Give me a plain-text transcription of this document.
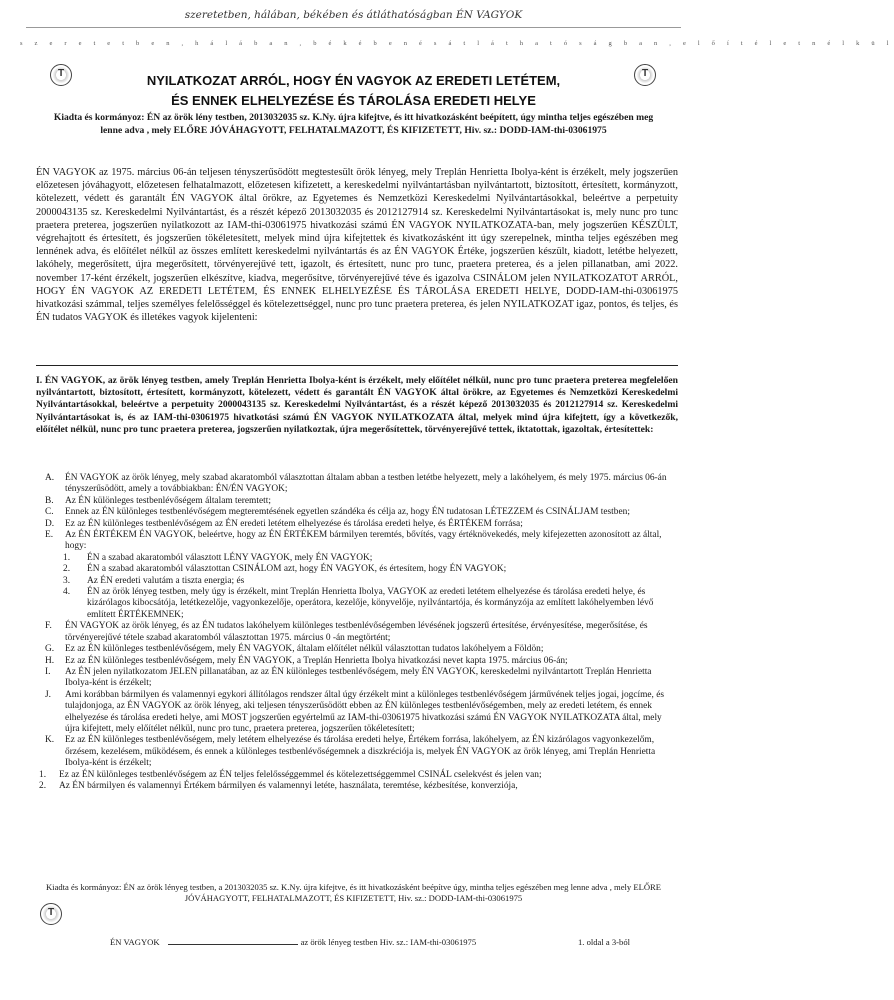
szeretetben, hálában, békében és átláthatóságban ÉN VAGYOK
s z e r e t e t b e n , h á l á b a n , b é k é b e n é s á t l á t h a t ó s á g b a n , e l ő í t é l e t n é l k ü l
T
T
NYILATKOZAT ARRÓL, HOGY ÉN VAGYOK AZ EREDETI LETÉTEM,
ÉS ENNEK ELHELYEZÉSE ÉS TÁROLÁSA EREDETI HELYE
Kiadta és kormányoz: ÉN az örök lény testben, 2013032035 sz. K.Ny. újra kifejtve, és itt hivatkozásként beépített, úgy mintha teljes egészében meg lenne adva , mely ELŐRE JÓVÁHAGYOTT, FELHATALMAZOTT, ÉS KIFIZETETT, Hiv. sz.: DODD-IAM-thi-03061975
ÉN VAGYOK az 1975. március 06-án teljesen tényszerűsödött megtestesült örök lényeg, mely Treplán Henrietta Ibolya-ként is érzékelt, mely jogszerűen előzetesen jóváhagyott, előzetesen felhatalmazott, előzetesen kifizetett, a kereskedelmi nyilvántartásban nyilvántartott, biztosított, értesített, kormányzott, kötelezett, védett és garantált ÉN VAGYOK által örökre, az Egyetemes és Nemzetközi Kereskedelmi Nyilvántartásokkal, beleértve a perpetuity 2000043135 sz. Kereskedelmi Nyilvántartást, és a részét képező 2013032035 és 2012127914 sz. Kereskedelmi Nyilvántartásokat is, mely nunc pro tunc praetera preterea, jogszerűen nyilatkozott az IAM-thi-03061975 hivatkozási számú ÉN VAGYOK NYILATKOZATA-ban, mely jogszerűen KÉSZÜLT, végrehajtott és értesített, és jogszerűen tökéletesített, melyek mind újra kifejtettek és kivatkozásként itt úgy szerepelnek, mintha teljes egészében meg lennének adva, és előítélet nélkül az összes említett kereskedelmi nyilvántartás és az ÉN VAGYOK Értéke, jogszerűen készült, kiadott, letétbe helyezett, lakóhely, megerősített, újra megerősített, törvényerejűvé tett, igazolt, és értesített, nunc pro tunc, praetera preterea, és a jelen pillanatban, ami 2022. november 17-ként érzékelt, jogszerűen elkészítve, kiadva, megerősítve, törvényerejűvé téve és igazolva CSINÁLOM jelen NYILATKOZATOT ARRÓL, HOGY ÉN VAGYOK AZ EREDETI LETÉTEM, ÉS ENNEK ELHELYEZÉSE ÉS TÁROLÁSA EREDETI HELYE, DODD-IAM-thi-03061975 hivatkozási számmal, teljes személyes felelősséggel és kötelezettséggel, nunc pro tunc praetera preterea, és jelen NYILATKOZAT igaz, pontos, és teljes, és ÉN tudatos VAGYOK és illetékes vagyok kijelenteni:
I. ÉN VAGYOK, az örök lényeg testben, amely Treplán Henrietta Ibolya-ként is érzékelt, mely előítélet nélkül, nunc pro tunc praetera preterea megfelelően nyilvántartott, biztosított, értesített, kormányzott, kötelezett, védett és garantált ÉN VAGYOK által örökre, az Egyetemes és Nemzetközi Kereskedelmi Nyilvántartásokkal, beleértve a perpetuity 2000043135 sz. Kereskedelmi Nyilvántartást, és a részét képező 2013032035 és 2012127914 sz. Kereskedelmi Nyilvántartásokat is, és az IAM-thi-03061975 hivatkotási számú ÉN VAGYOK NYILATKOZATA által, melyek mind újra kifejtett, így a következők, előítélet nélkül, nunc pro tunc praetera preterea, jogszerűen nyilatkoztak, újra megerősítettek, törvényerejűvé tettek, iktatottak, igazoltak, értesítettek:
A.	ÉN VAGYOK az örök lényeg, mely szabad akaratomból választottan általam abban a testben letétbe helyezett, mely a lakóhelyem, és mely 1975. március 06-án tényszerűsödött, amely a továbbiakban: ÉN/ÉN VAGYOK;
B.	Az ÉN különleges testbenlévőségem általam teremtett;
C.	Ennek az ÉN különleges testbenlévőségem megteremtésének egyetlen szándéka és célja az, hogy ÉN tudatosan LÉTEZZEM és CSINÁLJAM testben;
D.	Ez az ÉN különleges testbenlévőségem az ÉN eredeti letétem elhelyezése és tárolása eredeti helye, és ÉRTÉKEM forrása;
E.	Az ÉN ÉRTÉKEM ÉN VAGYOK, beleértve, hogy az ÉN ÉRTÉKEM bármilyen teremtés, bővítés, vagy értéknövekedés, mely kifejezetten azonosított az által, hogy:
1.	ÉN a szabad akaratomból választott LÉNY VAGYOK, mely ÉN VAGYOK;
2.	ÉN a szabad akaratomból választottan CSINÁLOM azt, hogy ÉN VAGYOK, és értesítem, hogy ÉN VAGYOK;
3.	Az ÉN eredeti valutám a tiszta energia; és
4.	ÉN az örök lényeg testben, mely úgy is érzékelt, mint Treplán Henrietta Ibolya, VAGYOK az eredeti letétem elhelyezése és tárolása eredeti helye, és kizárólagos kibocsátója, letétkezelője, vagyonkezelője, operátora, kezelője, könyvelője, nyilvántartója, és kormányzója az említett lakóhelyemben lévő említett ÉRTÉKEMNEK;
F.	ÉN VAGYOK az örök lényeg, és az ÉN tudatos lakóhelyem különleges testbenlévőségemben lévésének jogszerű értesítése, érvényesítése, megerősítése, és törvényerejűvé tétele szabad akaratomból választottan 1975. március 0 -án megtörtént;
G.	Ez az ÉN különleges testbenlévőségem, mely ÉN VAGYOK, általam előítélet nélkül választottan tudatos lakóhelyem a Földön;
H.	Ez az ÉN különleges testbenlévőségem, mely ÉN VAGYOK, a Treplán Henrietta Ibolya hivatkozási nevet kapta 1975. március 06-án;
I.	Az ÉN jelen nyilatkozatom JELEN pillanatában, az az ÉN különleges testbenlévőségem, mely ÉN VAGYOK, kereskedelmi nyilvántartott Treplán Henrietta Ibolya-ként is érzékelt;
J.	Ami korábban bármilyen és valamennyi egykori állítólagos rendszer által úgy érzékelt mint a különleges testbenlévőségem járművének teljes jogai, jogcíme, és tulajdonjoga, az ÉN VAGYOK az örök lényeg, aki teljesen tényszerűsödött ebben az ÉN különleges testbenlévőségemben, mely az eredeti letétem, és ennek elhelyezése és tárolása eredeti helye, ami MOST jogszerűen egyértelmű az IAM-thi-03061975 hivatkozási számú ÉN VAGYOK NYILATKOZATA által, mely újra kifejtett, mely előítélet nélkül, nunc pro tunc, praetera preterea, jogszerűen tökéletesített;
K.	Ez az ÉN különleges testbenlévőségem, mely letétem elhelyezése és tárolása eredeti helye, Értékem forrása, lakóhelyem, az ÉN kizárólagos vagyonkezelőm, őrzésem, kezelésem, működésem, és ennek a különleges testbenlévőségemnek a diszkréciója is, melyek ÉN VAGYOK az örök lényeg, ami Treplán Henrietta Ibolya-ként is érzékelt;
1.	Ez az ÉN különleges testbenlévőségem az ÉN teljes felelősséggemmel és kötelezettséggemmel CSINÁL cselekvést és jelen van;
2.	Az ÉN bármilyen és valamennyi Értékem bármilyen és valamennyi letéte, használata, teremtése, kézbesítése, konverziója,
Kiadta és kormányoz: ÉN az örök lényeg testben, a 2013032035 sz. K.Ny. újra kifejtve, és itt hivatkozásként beépítve úgy, mintha teljes egészében meg lenne adva , mely ELŐRE JÓVÁHAGYOTT, FELHATALMAZOTT, ÉS KIFIZETETT, Hiv. sz.: DODD-IAM-thi-03061975
T
ÉN VAGYOK	az örök lényeg testben Hiv. sz.: IAM-thi-03061975	1. oldal a 3-ból
